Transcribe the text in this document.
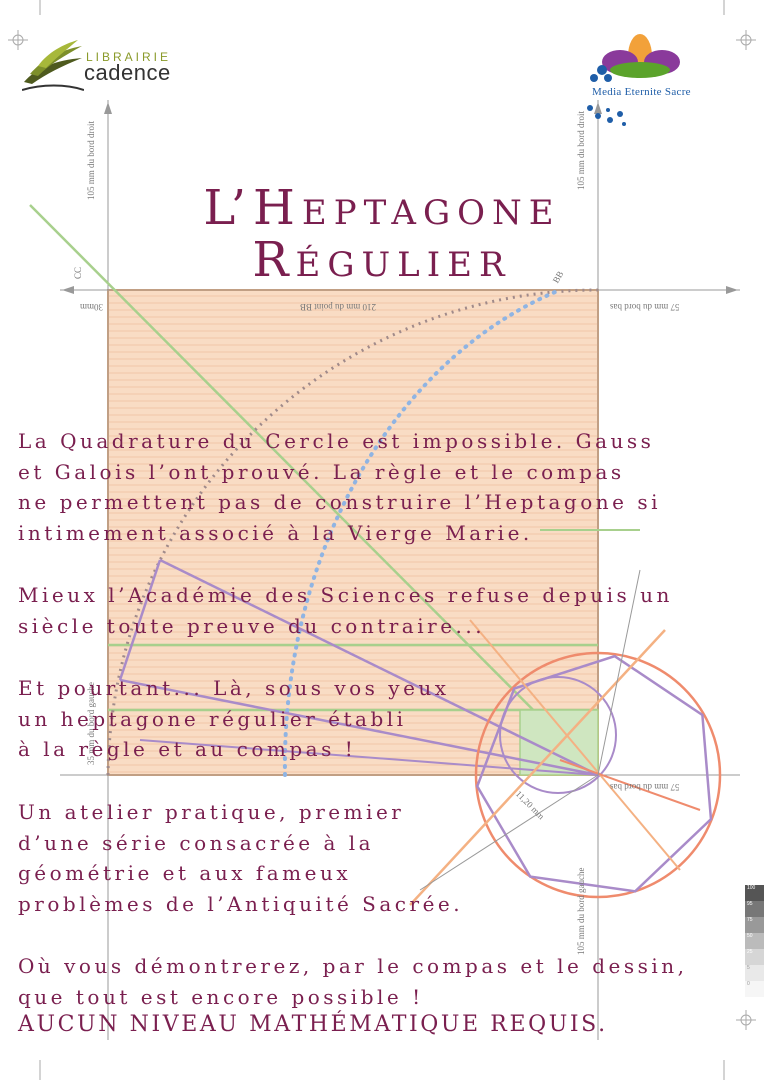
105 mm du bord droit	105 mm du bord droit
30mm	210 mm du point BB	57 mm du bord bas
57 mm du bord bas
35 mm du bord gauche
105 mm du bord gauche
11,20 mm
CC	BB
LIBRAIRIE
cadence
Media Eternite Sacre
L’Heptagone
Régulier
La Quadrature du Cercle est impossible. Gauss
et Galois l’ont prouvé. La règle et le compas
ne permettent pas de construire l’Heptagone si
intimement associé à la Vierge Marie.
Mieux l’Académie des Sciences refuse depuis un
siècle toute preuve du contraire...
Et pourtant... Là, sous vos yeux
un heptagone régulier établi
à la règle et au compas !
Un atelier pratique, premier
d’une série consacrée à la
géométrie et aux fameux
problèmes de l’Antiquité Sacrée.
Où vous démontrerez, par le compas et le dessin,
que tout est encore possible !
AUCUN NIVEAU MATHÉMATIQUE REQUIS.
100
95
75
50
25
5
0
